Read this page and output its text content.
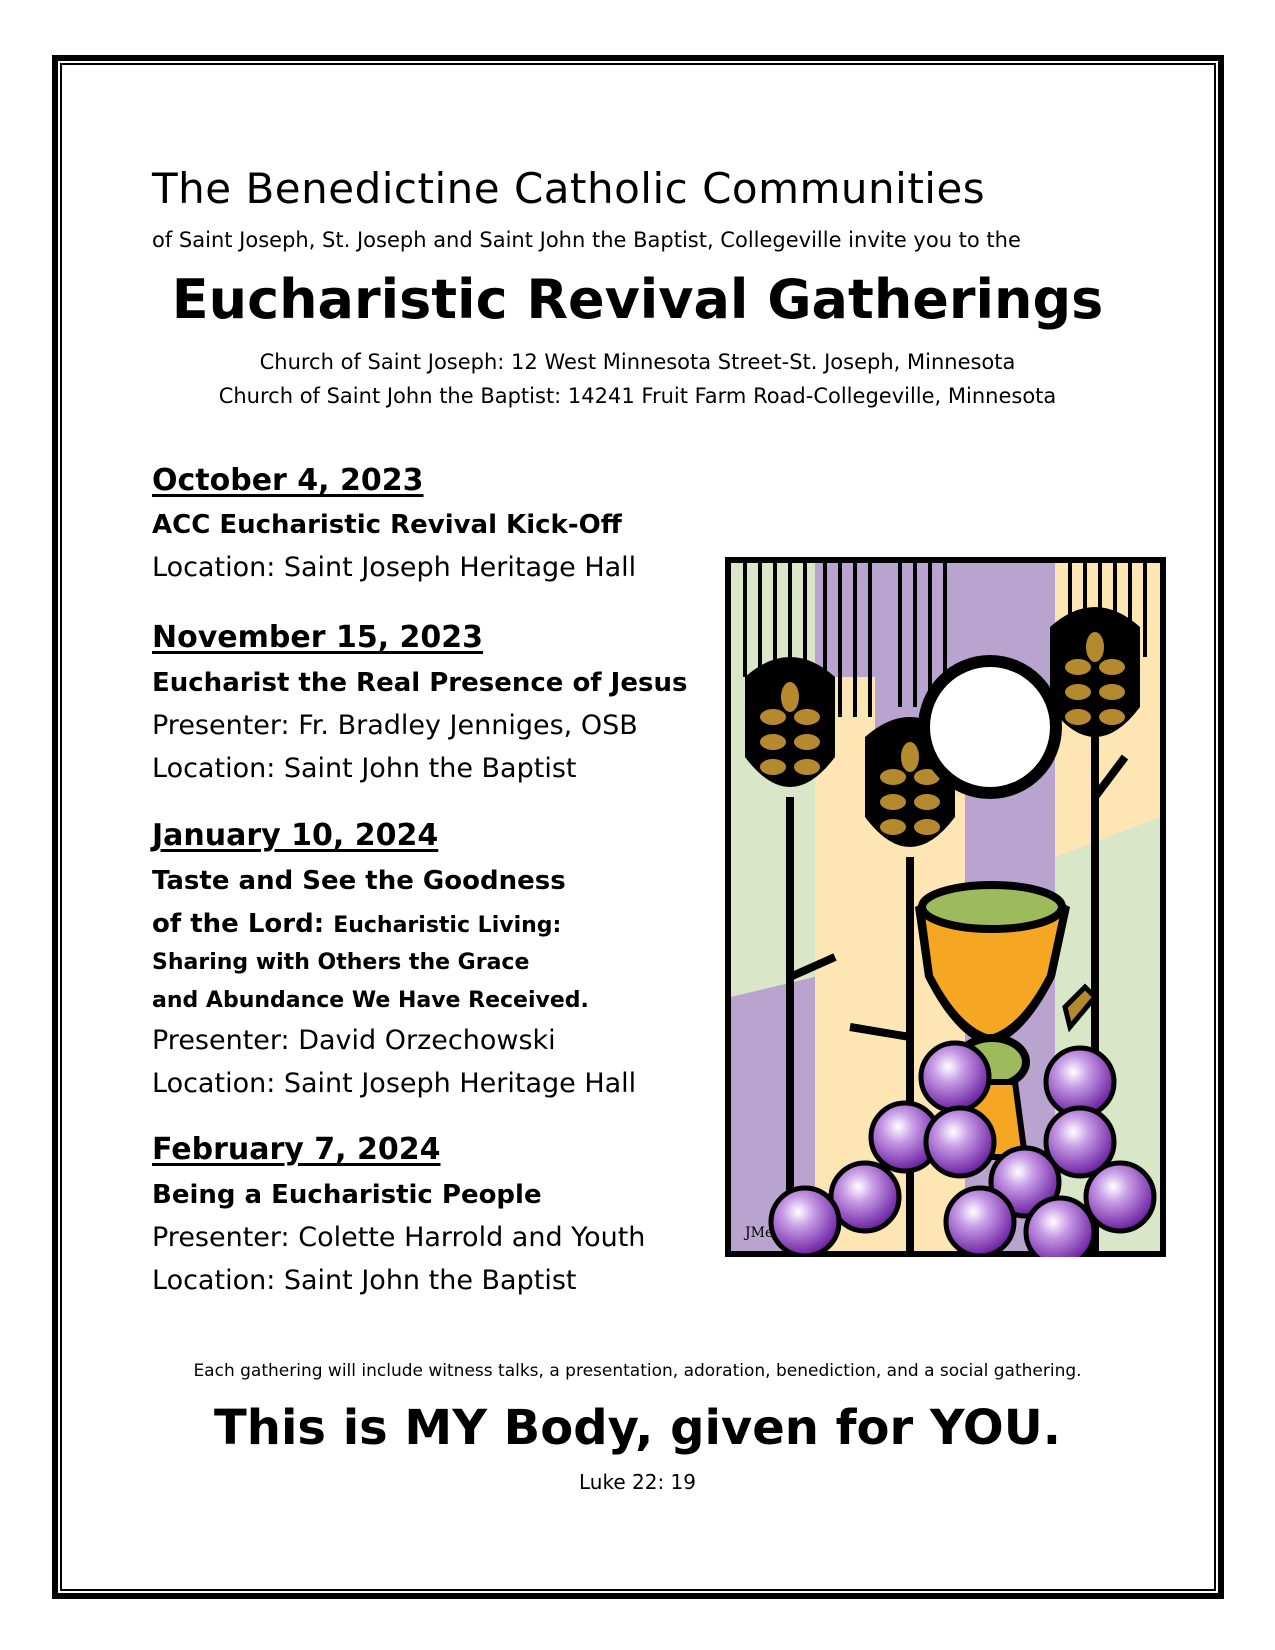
The Benedictine Catholic Communities
of Saint Joseph, St. Joseph and Saint John the Baptist, Collegeville invite you to the
Eucharistic Revival Gatherings
Church of Saint Joseph: 12 West Minnesota Street-St. Joseph, Minnesota
Church of Saint John the Baptist: 14241 Fruit Farm Road-Collegeville, Minnesota
October 4, 2023
ACC Eucharistic Revival Kick-Off
Location: Saint Joseph Heritage Hall
November 15, 2023
Eucharist the Real Presence of Jesus
Presenter: Fr. Bradley Jenniges, OSB
Location: Saint John the Baptist
January 10, 2024
Taste and See the Goodness
of the Lord: Eucharistic Living:
Sharing with Others the Grace
and Abundance We Have Received.
Presenter: David Orzechowski
Location: Saint Joseph Heritage Hall
February 7, 2024
Being a Eucharistic People
Presenter: Colette Harrold and Youth
Location: Saint John the Baptist
JMe
Each gathering will include witness talks, a presentation, adoration, benediction, and a social gathering.
This is MY Body, given for YOU.
Luke 22: 19
